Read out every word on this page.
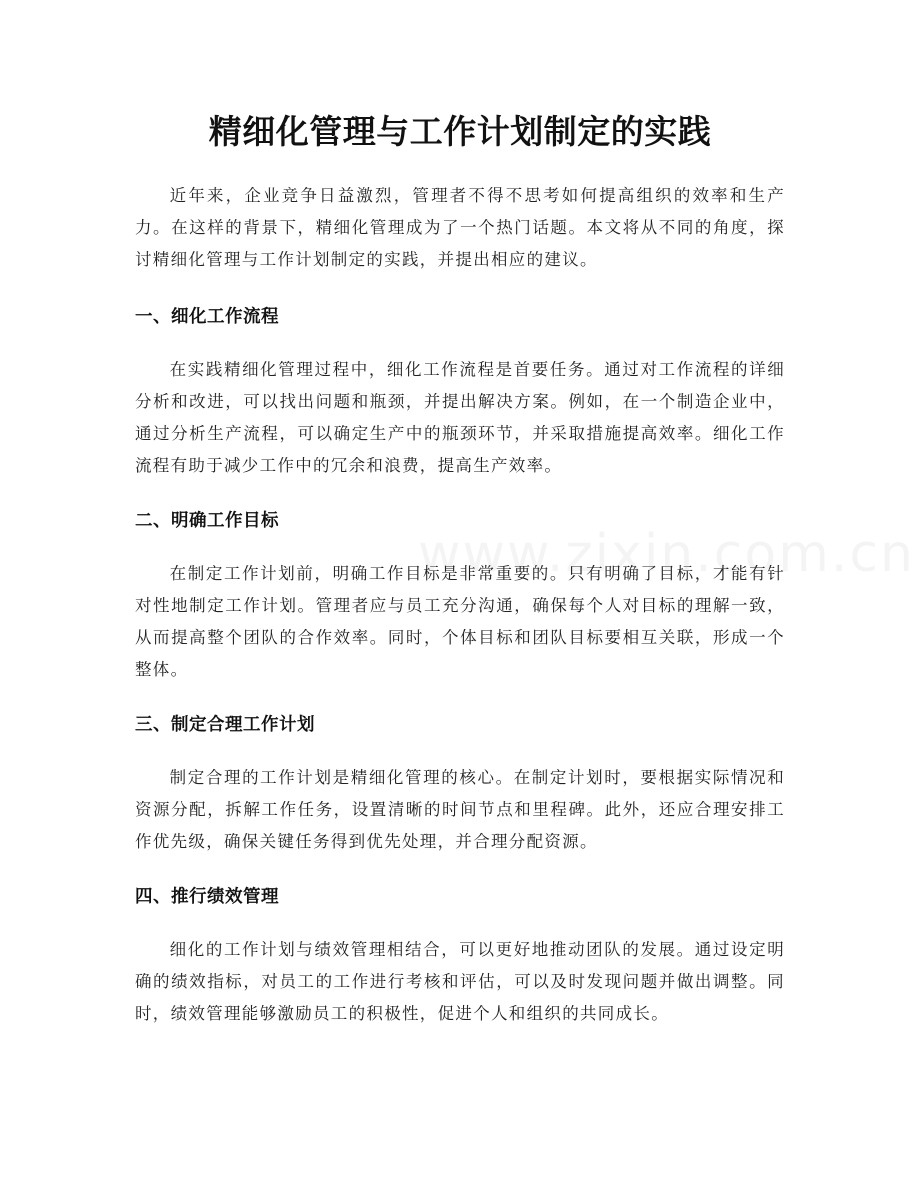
精细化管理与工作计划制定的实践

近年来，企业竞争日益激烈，管理者不得不思考如何提高组织的效率和生产力。在这样的背景下，精细化管理成为了一个热门话题。本文将从不同的角度，探讨精细化管理与工作计划制定的实践，并提出相应的建议。

一、细化工作流程

在实践精细化管理过程中，细化工作流程是首要任务。通过对工作流程的详细分析和改进，可以找出问题和瓶颈，并提出解决方案。例如，在一个制造企业中，通过分析生产流程，可以确定生产中的瓶颈环节，并采取措施提高效率。细化工作流程有助于减少工作中的冗余和浪费，提高生产效率。

二、明确工作目标

在制定工作计划前，明确工作目标是非常重要的。只有明确了目标，才能有针对性地制定工作计划。管理者应与员工充分沟通，确保每个人对目标的理解一致，从而提高整个团队的合作效率。同时，个体目标和团队目标要相互关联，形成一个整体。

三、制定合理工作计划

制定合理的工作计划是精细化管理的核心。在制定计划时，要根据实际情况和资源分配，拆解工作任务，设置清晰的时间节点和里程碑。此外，还应合理安排工作优先级，确保关键任务得到优先处理，并合理分配资源。

四、推行绩效管理

细化的工作计划与绩效管理相结合，可以更好地推动团队的发展。通过设定明确的绩效指标，对员工的工作进行考核和评估，可以及时发现问题并做出调整。同时，绩效管理能够激励员工的积极性，促进个人和组织的共同成长。
